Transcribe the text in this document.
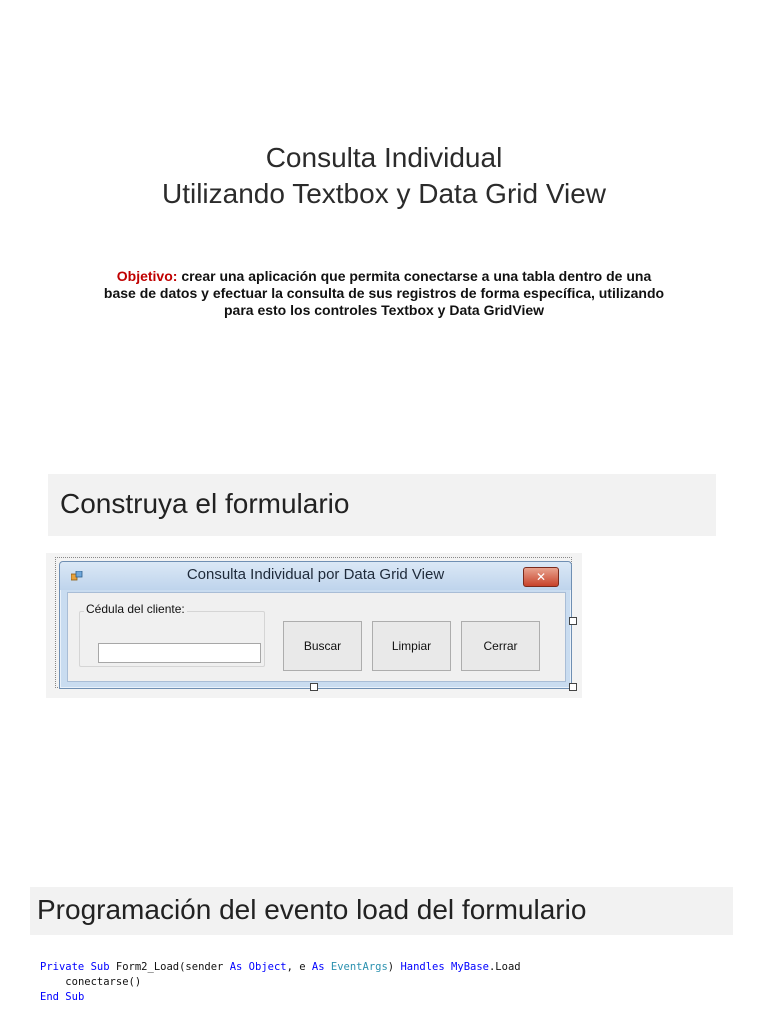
Consulta Individual
Utilizando Textbox y Data Grid View
Objetivo: crear una aplicación que permita conectarse a una tabla dentro de una base de datos y efectuar la consulta de sus registros de forma específica, utilizando para esto los controles Textbox y Data GridView
Construya el formulario
Consulta Individual por Data Grid View	✕
Cédula del cliente:
Buscar	Limpiar	Cerrar
Programación del evento load del formulario
Private Sub Form2_Load(sender As Object, e As EventArgs) Handles MyBase.Load
conectarse()
End Sub
